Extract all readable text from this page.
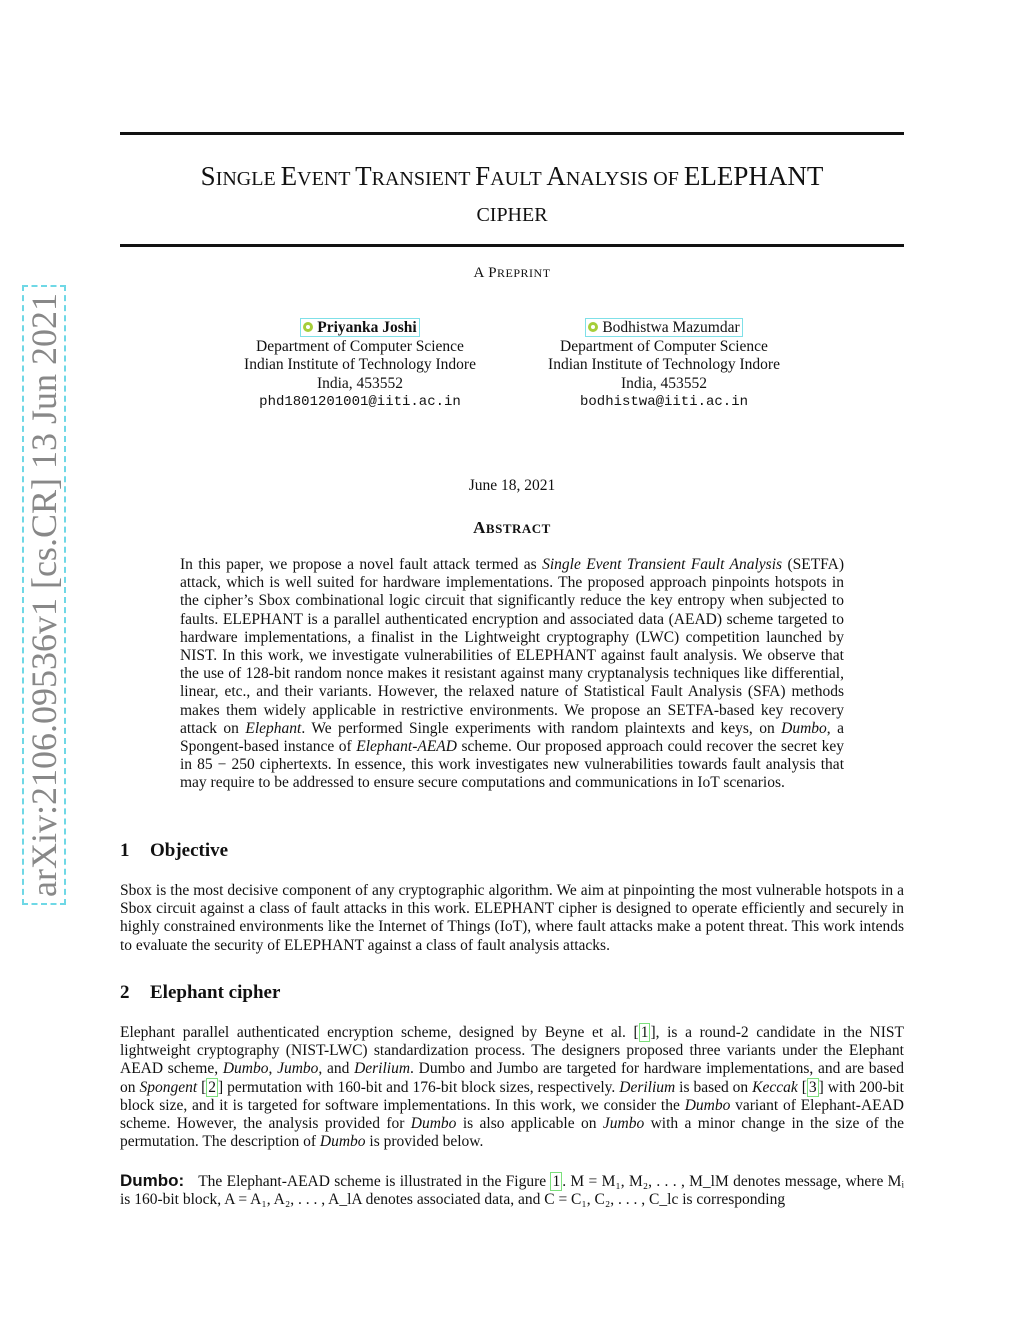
arXiv:2106.09536v1 [cs.CR] 13 Jun 2021
SINGLE EVENT TRANSIENT FAULT ANALYSIS OF ELEPHANT
CIPHER
A PREPRINT
Priyanka Joshi
Department of Computer Science
Indian Institute of Technology Indore
India, 453552
phd1801201001@iiti.ac.in
Bodhistwa Mazumdar
Department of Computer Science
Indian Institute of Technology Indore
India, 453552
bodhistwa@iiti.ac.in
June 18, 2021
ABSTRACT
In this paper, we propose a novel fault attack termed as Single Event Transient Fault Analysis (SETFA) attack, which is well suited for hardware implementations. The proposed approach pinpoints hotspots in the cipher’s Sbox combinational logic circuit that significantly reduce the key entropy when subjected to faults. ELEPHANT is a parallel authenticated encryption and associated data (AEAD) scheme targeted to hardware implementations, a finalist in the Lightweight cryptography (LWC) competition launched by NIST. In this work, we investigate vulnerabilities of ELEPHANT against fault analysis. We observe that the use of 128-bit random nonce makes it resistant against many cryptanalysis techniques like differential, linear, etc., and their variants. However, the relaxed nature of Statistical Fault Analysis (SFA) methods makes them widely applicable in restrictive environments. We propose an SETFA-based key recovery attack on Elephant. We performed Single experiments with random plaintexts and keys, on Dumbo, a Spongent-based instance of Elephant-AEAD scheme. Our proposed approach could recover the secret key in 85 − 250 ciphertexts. In essence, this work investigates new vulnerabilities towards fault analysis that may require to be addressed to ensure secure computations and communications in IoT scenarios.
1 Objective
Sbox is the most decisive component of any cryptographic algorithm. We aim at pinpointing the most vulnerable hotspots in a Sbox circuit against a class of fault attacks in this work. ELEPHANT cipher is designed to operate efficiently and securely in highly constrained environments like the Internet of Things (IoT), where fault attacks make a potent threat. This work intends to evaluate the security of ELEPHANT against a class of fault analysis attacks.
2 Elephant cipher
Elephant parallel authenticated encryption scheme, designed by Beyne et al. [ 1 ], is a round-2 candidate in the NIST lightweight cryptography (NIST-LWC) standardization process. The designers proposed three variants under the Elephant AEAD scheme, Dumbo, Jumbo, and Derilium. Dumbo and Jumbo are targeted for hardware implementations, and are based on Spongent [ 2 ] permutation with 160-bit and 176-bit block sizes, respectively. Derilium is based on Keccak [ 3 ] with 200-bit block size, and it is targeted for software implementations. In this work, we consider the Dumbo variant of Elephant-AEAD scheme. However, the analysis provided for Dumbo is also applicable on Jumbo with a minor change in the size of the permutation. The description of Dumbo is provided below.
Dumbo: The Elephant-AEAD scheme is illustrated in the Figure 1 . M = M₁, M₂, . . . , M_lM denotes message, where Mᵢ is 160-bit block, A = A₁, A₂, . . . , A_lA denotes associated data, and C = C₁, C₂, . . . , C_lc is corresponding
